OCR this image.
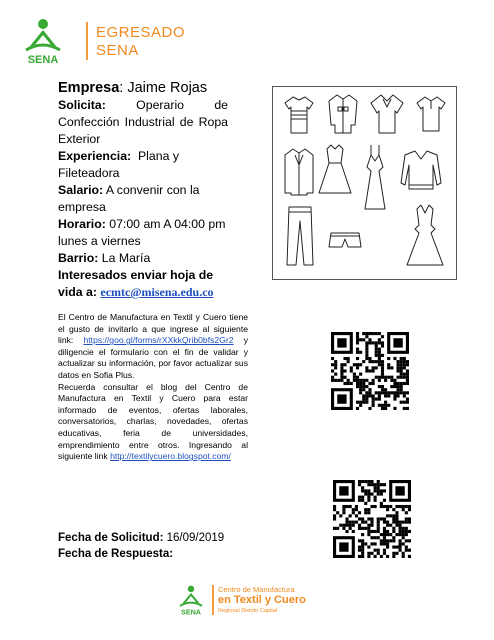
SENA
EGRESADO
SENA

Empresa: Jaime Rojas

Solicita: Operario de Confección Industrial de Ropa Exterior

Experiencia: Plana y Fileteadora

Salario: A convenir con la empresa

Horario: 07:00 am A 04:00 pm lunes a viernes

Barrio: La María

Interesados enviar hoja de vida a: ecmtc@misena.edu.co

El Centro de Manufactura en Textil y Cuero tiene el gusto de invitarlo a que ingrese al siguiente link: https://goo.gl/forms/rXXkkQrib0bfs2Gr2 y diligencie el formulario con el fin de validar y actualizar su información, por favor actualizar sus datos en Sofia Plus.

Recuerda consultar el blog del Centro de Manufactura en Textil y Cuero para estar informado de eventos, ofertas laborales, conversatorios, charlas, novedades, ofertas educativas, feria de universidades, emprendimiento entre otros. Ingresando al siguiente link http://textilycuero.blogspot.com/

Fecha de Solicitud: 16/09/2019

Fecha de Respuesta:

SENA
Centro de Manufactura
en Textil y Cuero
Regional Distrito Capital
